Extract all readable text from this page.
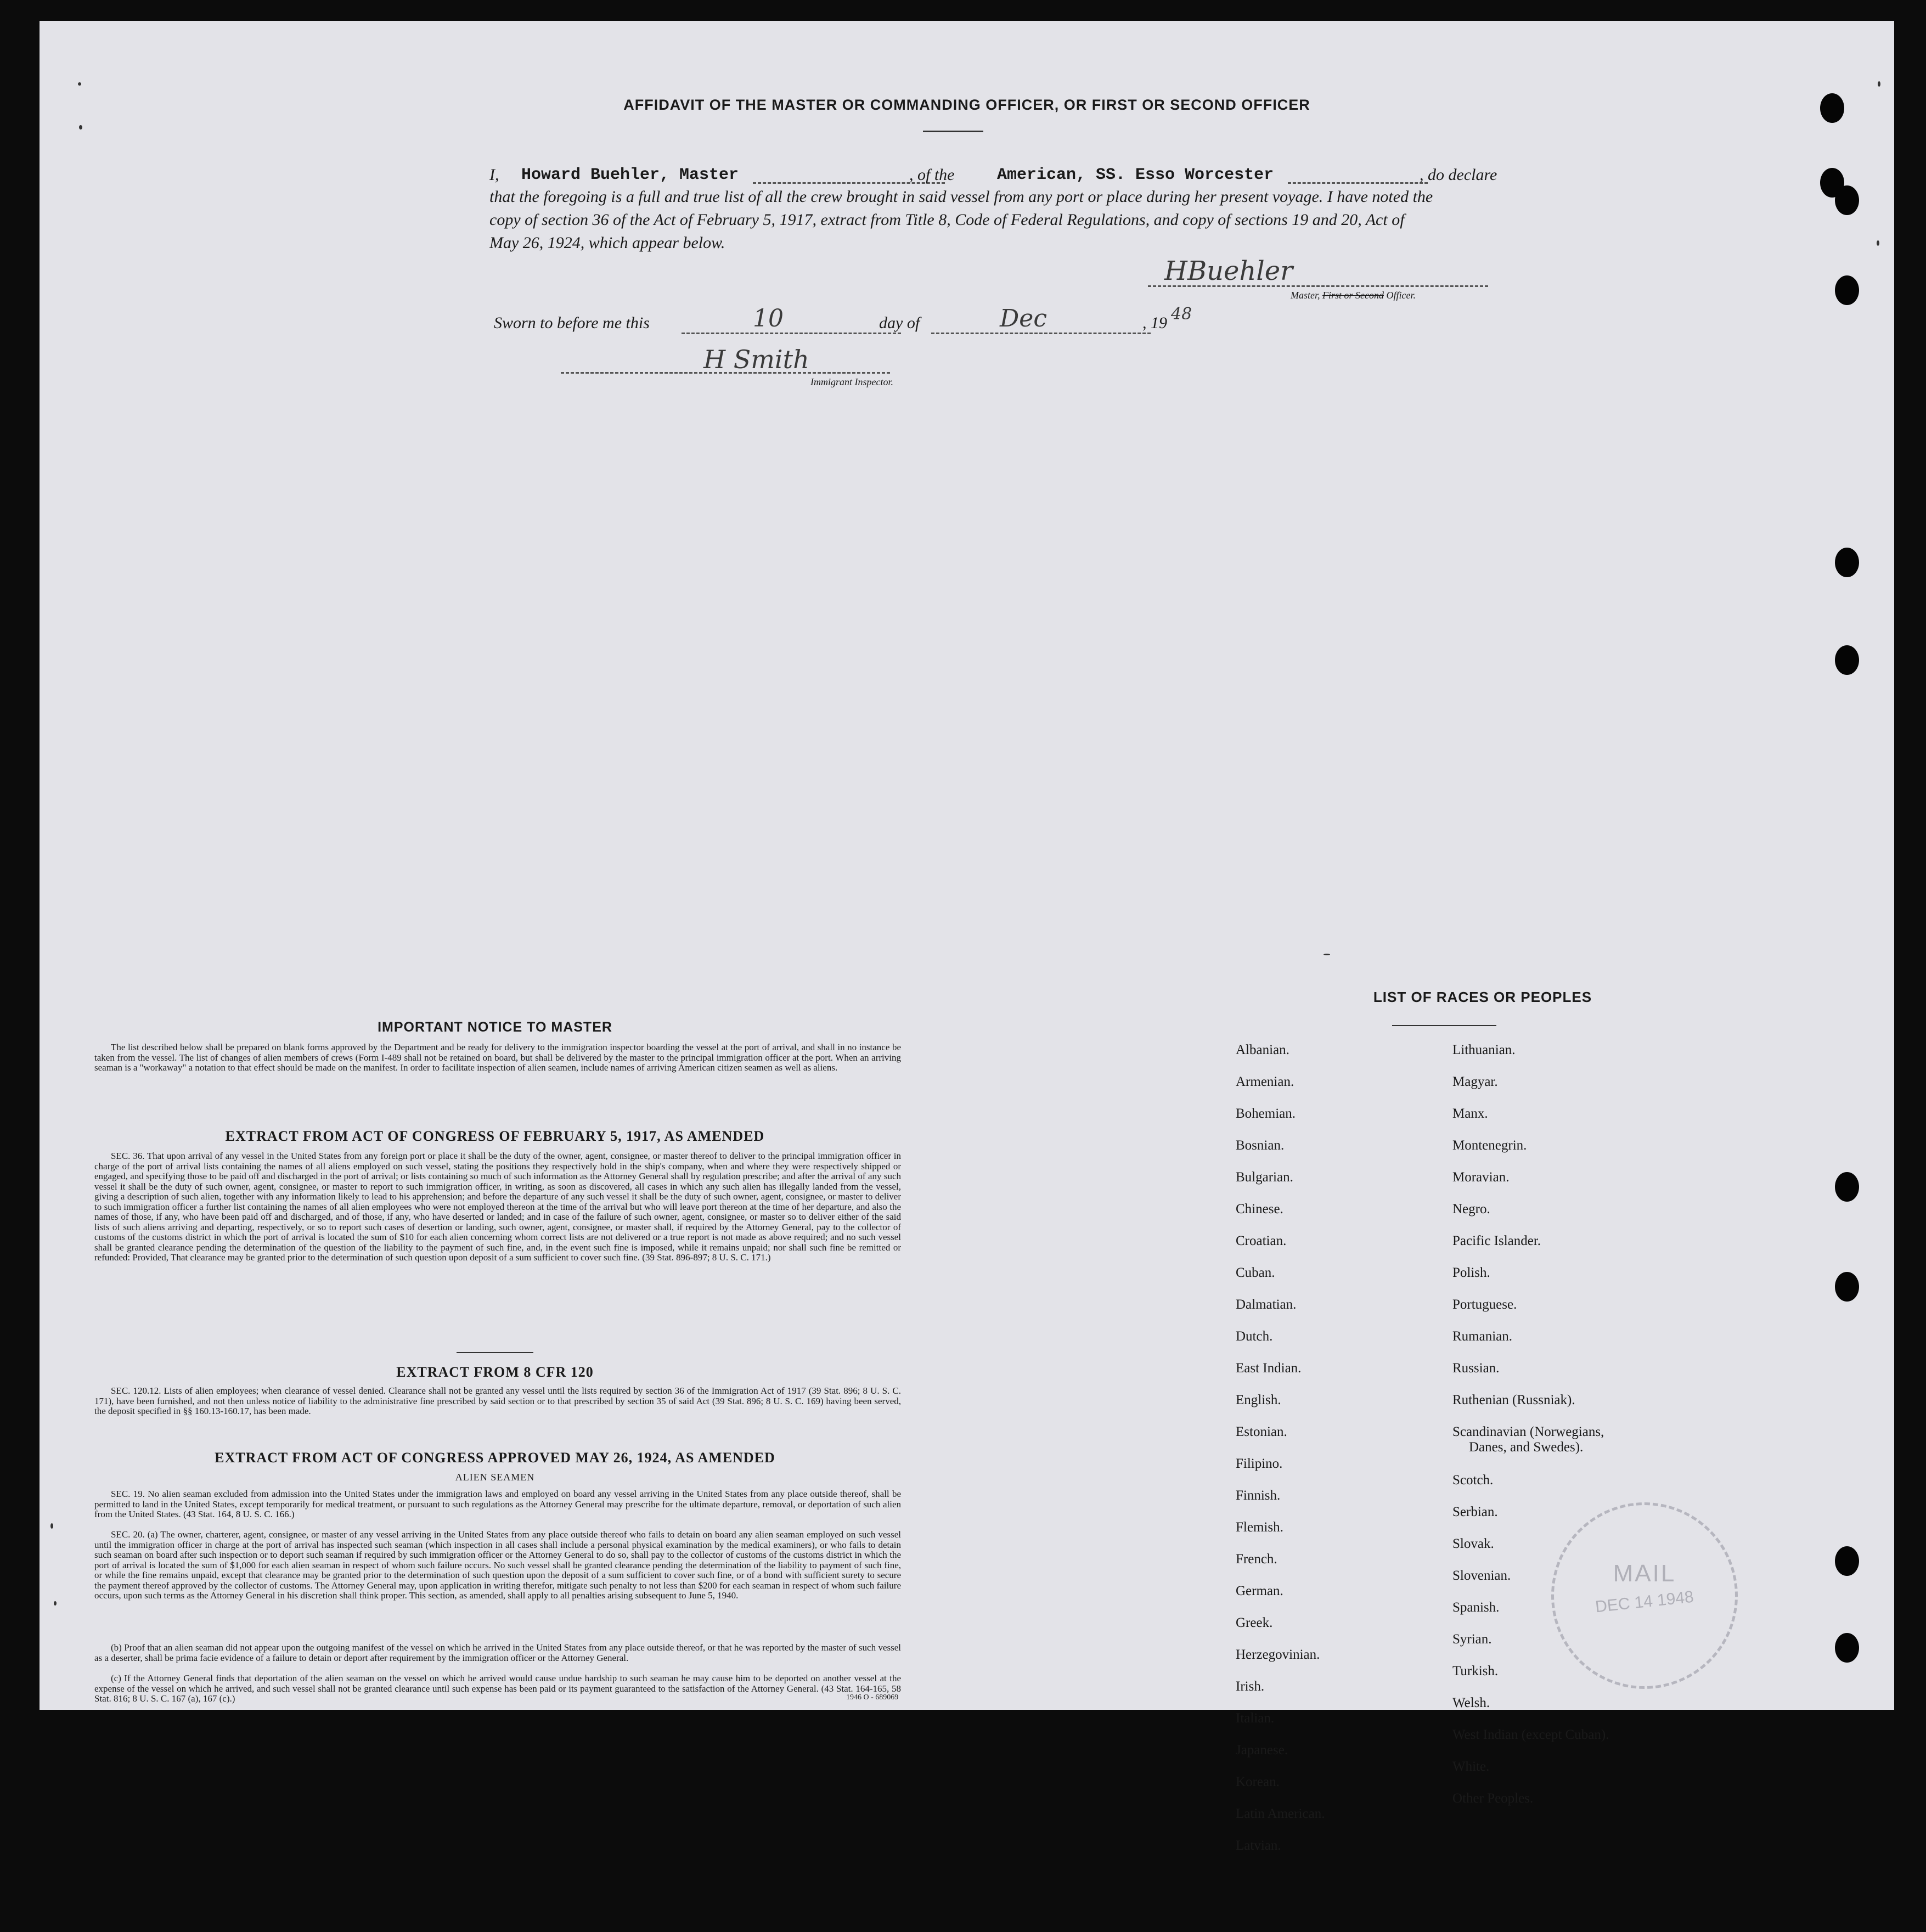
AFFIDAVIT OF THE MASTER OR COMMANDING OFFICER, OR FIRST OR SECOND OFFICER
I, Howard Buehler, Master	, of the	American, SS. Esso Worcester	, do declare
that the foregoing is a full and true list of all the crew brought in said vessel from any port or place during her present voyage. I have noted the
copy of section 36 of the Act of February 5, 1917, extract from Title 8, Code of Federal Regulations, and copy of sections 19 and 20, Act of
May 26, 1924, which appear below.
HBuehler
Master, First or Second Officer.
Sworn to before me this	10	day of	Dec	, 19 48
H Smith
Immigrant Inspector.
IMPORTANT NOTICE TO MASTER
The list described below shall be prepared on blank forms approved by the Department and be ready for delivery to the immigration inspector boarding the vessel at the port of arrival, and shall in no instance be taken from the vessel. The list of changes of alien members of crews (Form I-489 shall not be retained on board, but shall be delivered by the master to the principal immigration officer at the port. When an arriving seaman is a "workaway" a notation to that effect should be made on the manifest. In order to facilitate inspection of alien seamen, include names of arriving American citizen seamen as well as aliens.
EXTRACT FROM ACT OF CONGRESS OF FEBRUARY 5, 1917, AS AMENDED
SEC. 36. That upon arrival of any vessel in the United States from any foreign port or place it shall be the duty of the owner, agent, consignee, or master thereof to deliver to the principal immigration officer in charge of the port of arrival lists containing the names of all aliens employed on such vessel, stating the positions they respectively hold in the ship's company, when and where they were respectively shipped or engaged, and specifying those to be paid off and discharged in the port of arrival; or lists containing so much of such information as the Attorney General shall by regulation prescribe; and after the arrival of any such vessel it shall be the duty of such owner, agent, consignee, or master to report to such immigration officer, in writing, as soon as discovered, all cases in which any such alien has illegally landed from the vessel, giving a description of such alien, together with any information likely to lead to his apprehension; and before the departure of any such vessel it shall be the duty of such owner, agent, consignee, or master to deliver to such immigration officer a further list containing the names of all alien employees who were not employed thereon at the time of the arrival but who will leave port thereon at the time of her departure, and also the names of those, if any, who have been paid off and discharged, and of those, if any, who have deserted or landed; and in case of the failure of such owner, agent, consignee, or master so to deliver either of the said lists of such aliens arriving and departing, respectively, or so to report such cases of desertion or landing, such owner, agent, consignee, or master shall, if required by the Attorney General, pay to the collector of customs of the customs district in which the port of arrival is located the sum of $10 for each alien concerning whom correct lists are not delivered or a true report is not made as above required; and no such vessel shall be granted clearance pending the determination of the question of the liability to the payment of such fine, and, in the event such fine is imposed, while it remains unpaid; nor shall such fine be remitted or refunded: Provided, That clearance may be granted prior to the determination of such question upon deposit of a sum sufficient to cover such fine. (39 Stat. 896-897; 8 U. S. C. 171.)
EXTRACT FROM 8 CFR 120
SEC. 120.12. Lists of alien employees; when clearance of vessel denied. Clearance shall not be granted any vessel until the lists required by section 36 of the Immigration Act of 1917 (39 Stat. 896; 8 U. S. C. 171), have been furnished, and not then unless notice of liability to the administrative fine prescribed by said section or to that prescribed by section 35 of said Act (39 Stat. 896; 8 U. S. C. 169) having been served, the deposit specified in §§ 160.13-160.17, has been made.
EXTRACT FROM ACT OF CONGRESS APPROVED MAY 26, 1924, AS AMENDED
ALIEN SEAMEN
SEC. 19. No alien seaman excluded from admission into the United States under the immigration laws and employed on board any vessel arriving in the United States from any place outside thereof, shall be permitted to land in the United States, except temporarily for medical treatment, or pursuant to such regulations as the Attorney General may prescribe for the ultimate departure, removal, or deportation of such alien from the United States. (43 Stat. 164, 8 U. S. C. 166.)
SEC. 20. (a) The owner, charterer, agent, consignee, or master of any vessel arriving in the United States from any place outside thereof who fails to detain on board any alien seaman employed on such vessel until the immigration officer in charge at the port of arrival has inspected such seaman (which inspection in all cases shall include a personal physical examination by the medical examiners), or who fails to detain such seaman on board after such inspection or to deport such seaman if required by such immigration officer or the Attorney General to do so, shall pay to the collector of customs of the customs district in which the port of arrival is located the sum of $1,000 for each alien seaman in respect of whom such failure occurs. No such vessel shall be granted clearance pending the determination of the liability to payment of such fine, or while the fine remains unpaid, except that clearance may be granted prior to the determination of such question upon the deposit of a sum sufficient to cover such fine, or of a bond with sufficient surety to secure the payment thereof approved by the collector of customs. The Attorney General may, upon application in writing therefor, mitigate such penalty to not less than $200 for each seaman in respect of whom such failure occurs, upon such terms as the Attorney General in his discretion shall think proper. This section, as amended, shall apply to all penalties arising subsequent to June 5, 1940.
(b) Proof that an alien seaman did not appear upon the outgoing manifest of the vessel on which he arrived in the United States from any place outside thereof, or that he was reported by the master of such vessel as a deserter, shall be prima facie evidence of a failure to detain or deport after requirement by the immigration officer or the Attorney General.
(c) If the Attorney General finds that deportation of the alien seaman on the vessel on which he arrived would cause undue hardship to such seaman he may cause him to be deported on another vessel at the expense of the vessel on which he arrived, and such vessel shall not be granted clearance until such expense has been paid or its payment guaranteed to the satisfaction of the Attorney General. (43 Stat. 164-165, 58 Stat. 816; 8 U. S. C. 167 (a), 167 (c).)	1946 O - 689069
LIST OF RACES OR PEOPLES
MAIL
DEC 14 1948
Albanian.
Armenian.
Bohemian.
Bosnian.
Bulgarian.
Chinese.
Croatian.
Cuban.
Dalmatian.
Dutch.
East Indian.
English.
Estonian.
Filipino.
Finnish.
Flemish.
French.
German.
Greek.
Herzegovinian.
Irish.
Italian.
Japanese.
Korean.
Latin American.
Latvian.
Lithuanian.
Magyar.
Manx.
Montenegrin.
Moravian.
Negro.
Pacific Islander.
Polish.
Portuguese.
Rumanian.
Russian.
Ruthenian (Russniak).
Scandinavian (Norwegians,
Danes, and Swedes).
Scotch.
Serbian.
Slovak.
Slovenian.
Spanish.
Syrian.
Turkish.
Welsh.
West Indian (except Cuban).
White.
Other Peoples.
